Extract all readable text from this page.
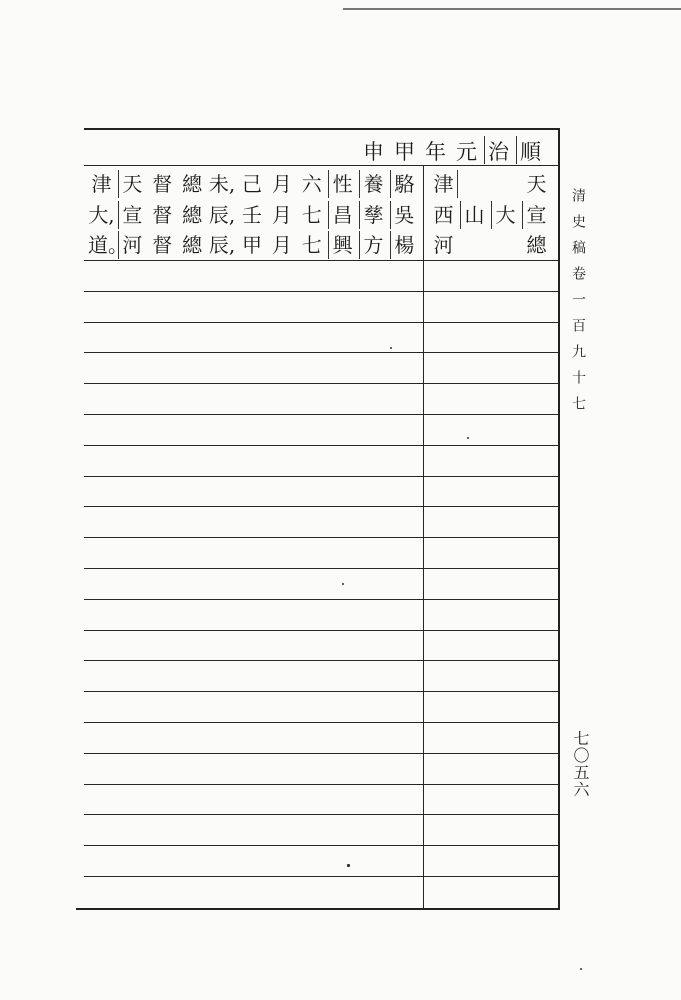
順
治
元
年
甲
申
天
津
宣
大
山
西
總
河
駱
養
性
六
月
己
未,
總
督
天
津
吳
孳
昌
七
月
壬
辰,
總
督
宣
大,
楊
方
興
七
月
甲
辰,
總
督
河
道。	清史稿卷一百九十七
七〇五六
